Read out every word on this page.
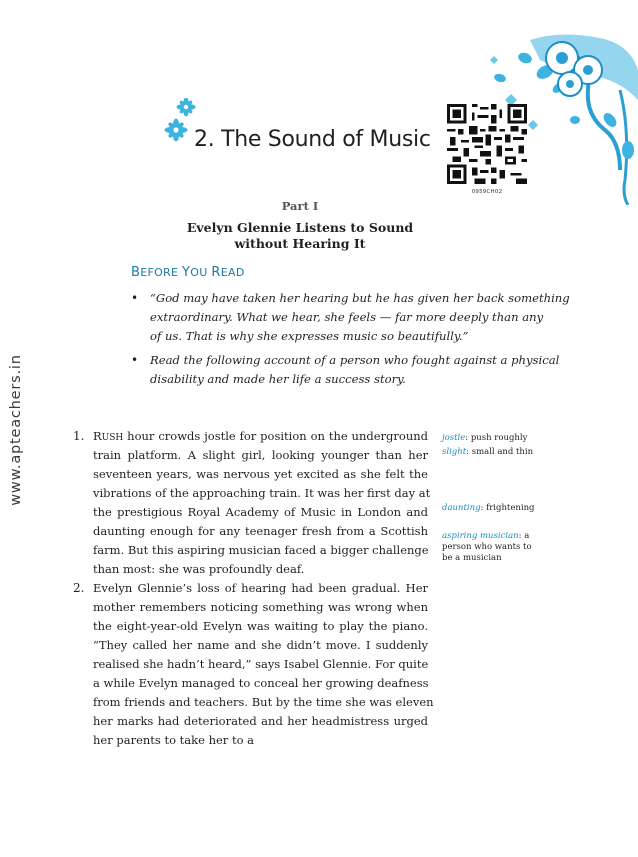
2. The Sound of Music
0959CH02
Part I
Evelyn Glennie Listens to Sound
without Hearing It
BEFORE YOU READ
• “God may have taken her hearing but he has given her back something
extraordinary. What we hear, she feels — far more deeply than any
of us. That is why she expresses music so beautifully.”
• Read the following account of a person who fought against a physical
disability and made her life a success story.
www.apteachers.in	1. RUSH hour crowds jostle for position on the underground
train platform. A slight girl, looking younger than her
seventeen years, was nervous yet excited as she felt the
vibrations of the approaching train. It was her first day at
the prestigious Royal Academy of Music in London and
daunting enough for any teenager fresh from a Scottish
farm. But this aspiring musician faced a bigger challenge
than most: she was profoundly deaf.
2. Evelyn Glennie’s loss of hearing had been gradual. Her
mother remembers noticing something was wrong when
the eight-year-old Evelyn was waiting to play the piano.
“They called her name and she didn’t move. I suddenly
realised she hadn’t heard,” says Isabel Glennie. For quite
a while Evelyn managed to conceal her growing deafness
from friends and teachers. But by the time she was eleven
her marks had deteriorated and her headmistress urged
her parents to take her to a
jostle: push roughly
slight: small and thin
daunting: frightening
aspiring musician: a person who wants to be a musician
